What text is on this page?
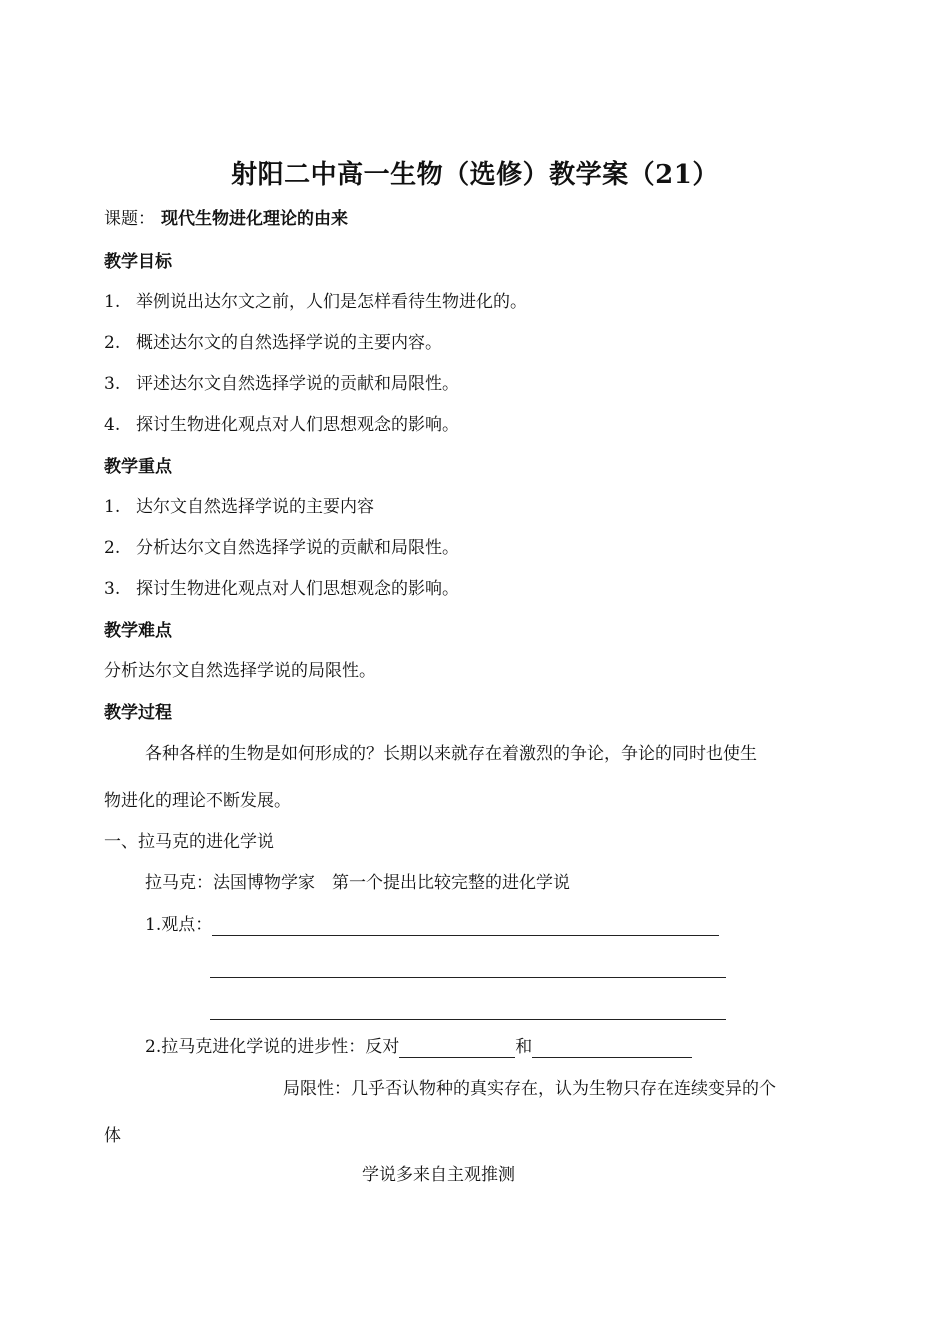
射阳二中高一生物（选修）教学案（21）
课题： 现代生物进化理论的由来
教学目标
1. 举例说出达尔文之前，人们是怎样看待生物进化的。
2. 概述达尔文的自然选择学说的主要内容。
3. 评述达尔文自然选择学说的贡献和局限性。
4. 探讨生物进化观点对人们思想观念的影响。
教学重点
1. 达尔文自然选择学说的主要内容
2. 分析达尔文自然选择学说的贡献和局限性。
3. 探讨生物进化观点对人们思想观念的影响。
教学难点
分析达尔文自然选择学说的局限性。
教学过程
各种各样的生物是如何形成的？长期以来就存在着激烈的争论，争论的同时也使生
物进化的理论不断发展。
一、拉马克的进化学说
拉马克：法国博物学家　第一个提出比较完整的进化学说
1.观点：
2.拉马克进化学说的进步性：反对	和
局限性：几乎否认物种的真实存在，认为生物只存在连续变异的个
体
学说多来自主观推测
